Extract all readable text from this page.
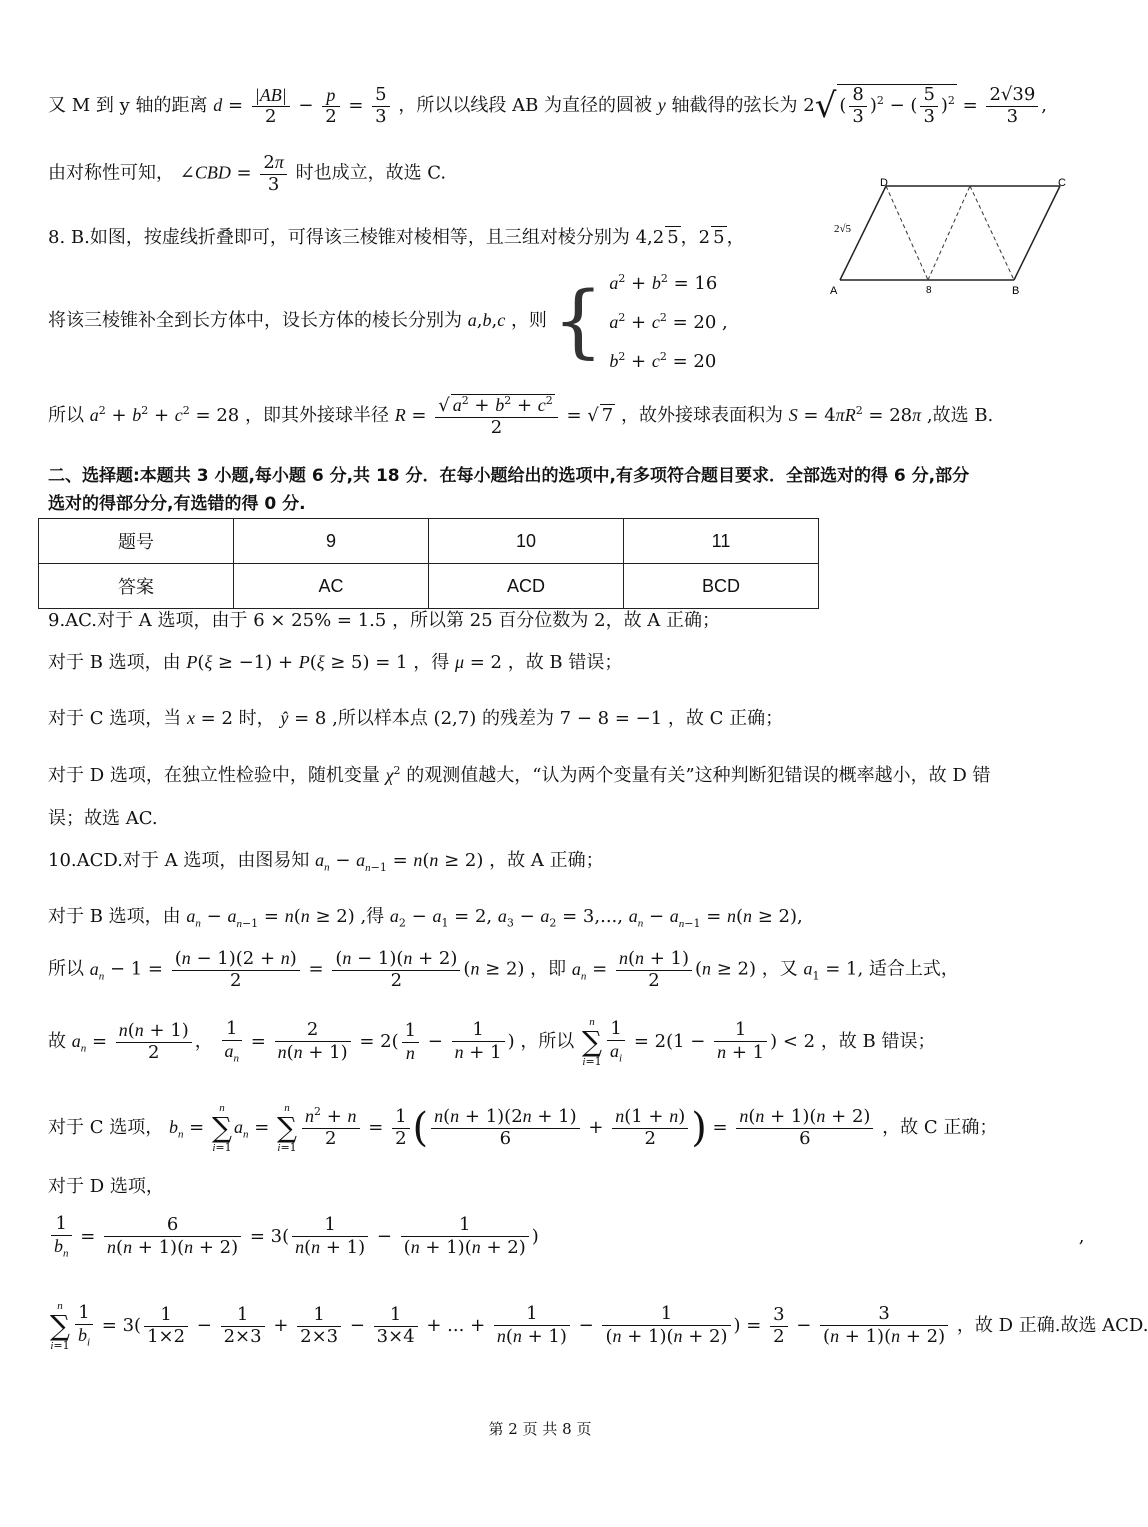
又 M 到 y 轴的距离 $d = \frac{|AB|}{2} - \frac{p}{2} = \frac{5}{3}$ ，所以以线段 AB 为直径的圆被 y 轴截得的弦长为 2√ ( $\frac{8}{3} )^2$ − ( $\frac{5}{3} )^2 = \frac{2√39}{3}$ ,
由对称性可知， ∠CBD = $\frac{2\pi}{3}$ 时也成立，故选 C.	D	C
A	B
8
2√5
8. B.如图，按虚线折叠即可，可得该三棱锥对棱相等，且三组对棱分别为 4,2 5 ，2 5 ，
将该三棱锥补全到长方体中，设长方体的棱长分别为 a,b,c ，则 { $a^2 + b^2 = 16$
$a^2 + c^2 = 20$ ,
$b^2 + c^2 = 20$
所以 $a^2 + b^2 + c^2 = 28$ ，即其外接球半径 $R = \frac{√ a^2 + b^2 + c^2}{2}$ = √ 7 ，故外接球表面积为 $S = 4\pi R^2 = 28\pi$ ,故选 B.
二、选择题:本题共 3 小题,每小题 6 分,共 18 分．在每小题给出的选项中,有多项符合题目要求．全部选对的得 6 分,部分
选对的得部分分,有选错的得 0 分.
题号	9	10	11
答案	AC	ACD	BCD
9.AC.对于 A 选项，由于 6 × 25% = 1.5 ，所以第 25 百分位数为 2，故 A 正确；
对于 B 选项，由 P(ξ ≥ −1) + P(ξ ≥ 5) = 1 ，得 μ = 2 ，故 B 错误；
对于 C 选项，当 x = 2 时， ŷ = 8 ,所以样本点 (2,7) 的残差为 7 − 8 = −1 ，故 C 正确；
对于 D 选项，在独立性检验中，随机变量 $\chi^2$ 的观测值越大，“认为两个变量有关”这种判断犯错误的概率越小，故 D 错
误；故选 AC.
10.ACD.对于 A 选项，由图易知 $a_n - a_{n-1} = n(n \ge 2)$ ，故 A 正确；
对于 B 选项，由 $a_n - a_{n-1} = n(n \ge 2)$ ,得 $a_2 - a_1 = 2$, $a_3 - a_2 = 3$,..., $a_n - a_{n-1} = n(n \ge 2)$,
所以 $a_n - 1 = \frac{(n - 1)(2 + n)}{2} = \frac{(n - 1)(n + 2)}{2} (n \ge 2)$ ，即 $a_n = \frac{n(n + 1)}{2} (n \ge 2)$ ，又 $a_1 = 1$, 适合上式，
故 $a_n = \frac{n(n + 1)}{2}$ ， $\frac{1}{a_n} = \frac{2}{n(n + 1)} = 2( \frac{1}{n} - \frac{1}{n + 1}$ ) ，所以 n
∑
$i=1 \frac{1}{a_i} = 2(1 - \frac{1}{n + 1}$ ) < 2 ，故 B 错误；
对于 C 选项， $b_n = n$
∑
$i=1a_n = n$
∑
$i=1 \frac{n^2 + n}{2} = \frac{1}{2}$ ( $\frac{n(n + 1)(2n + 1)}{6} + \frac{n(1 + n)}{2}$ ) = $\frac{n(n + 1)(n + 2)}{6}$ ，故 C 正确；
对于 D 选项，
$\frac{1}{b_n} = \frac{6}{n(n + 1)(n + 2)} = 3( \frac{1}{n(n + 1)} - \frac{1}{(n + 1)(n + 2)}$ )	,
n
∑
$i=1 \frac{1}{b_i} = 3( \frac{1}{1\times 2} - \frac{1}{2\times 3} + \frac{1}{2\times 3} - \frac{1}{3\times 4}$ + ... + $\frac{1}{n(n + 1)} - \frac{1}{(n + 1)(n + 2)}$ ) = $\frac{3}{2} - \frac{3}{(n + 1)(n + 2)}$ ，故 D 正确.故选 ACD.
第 2 页 共 8 页
